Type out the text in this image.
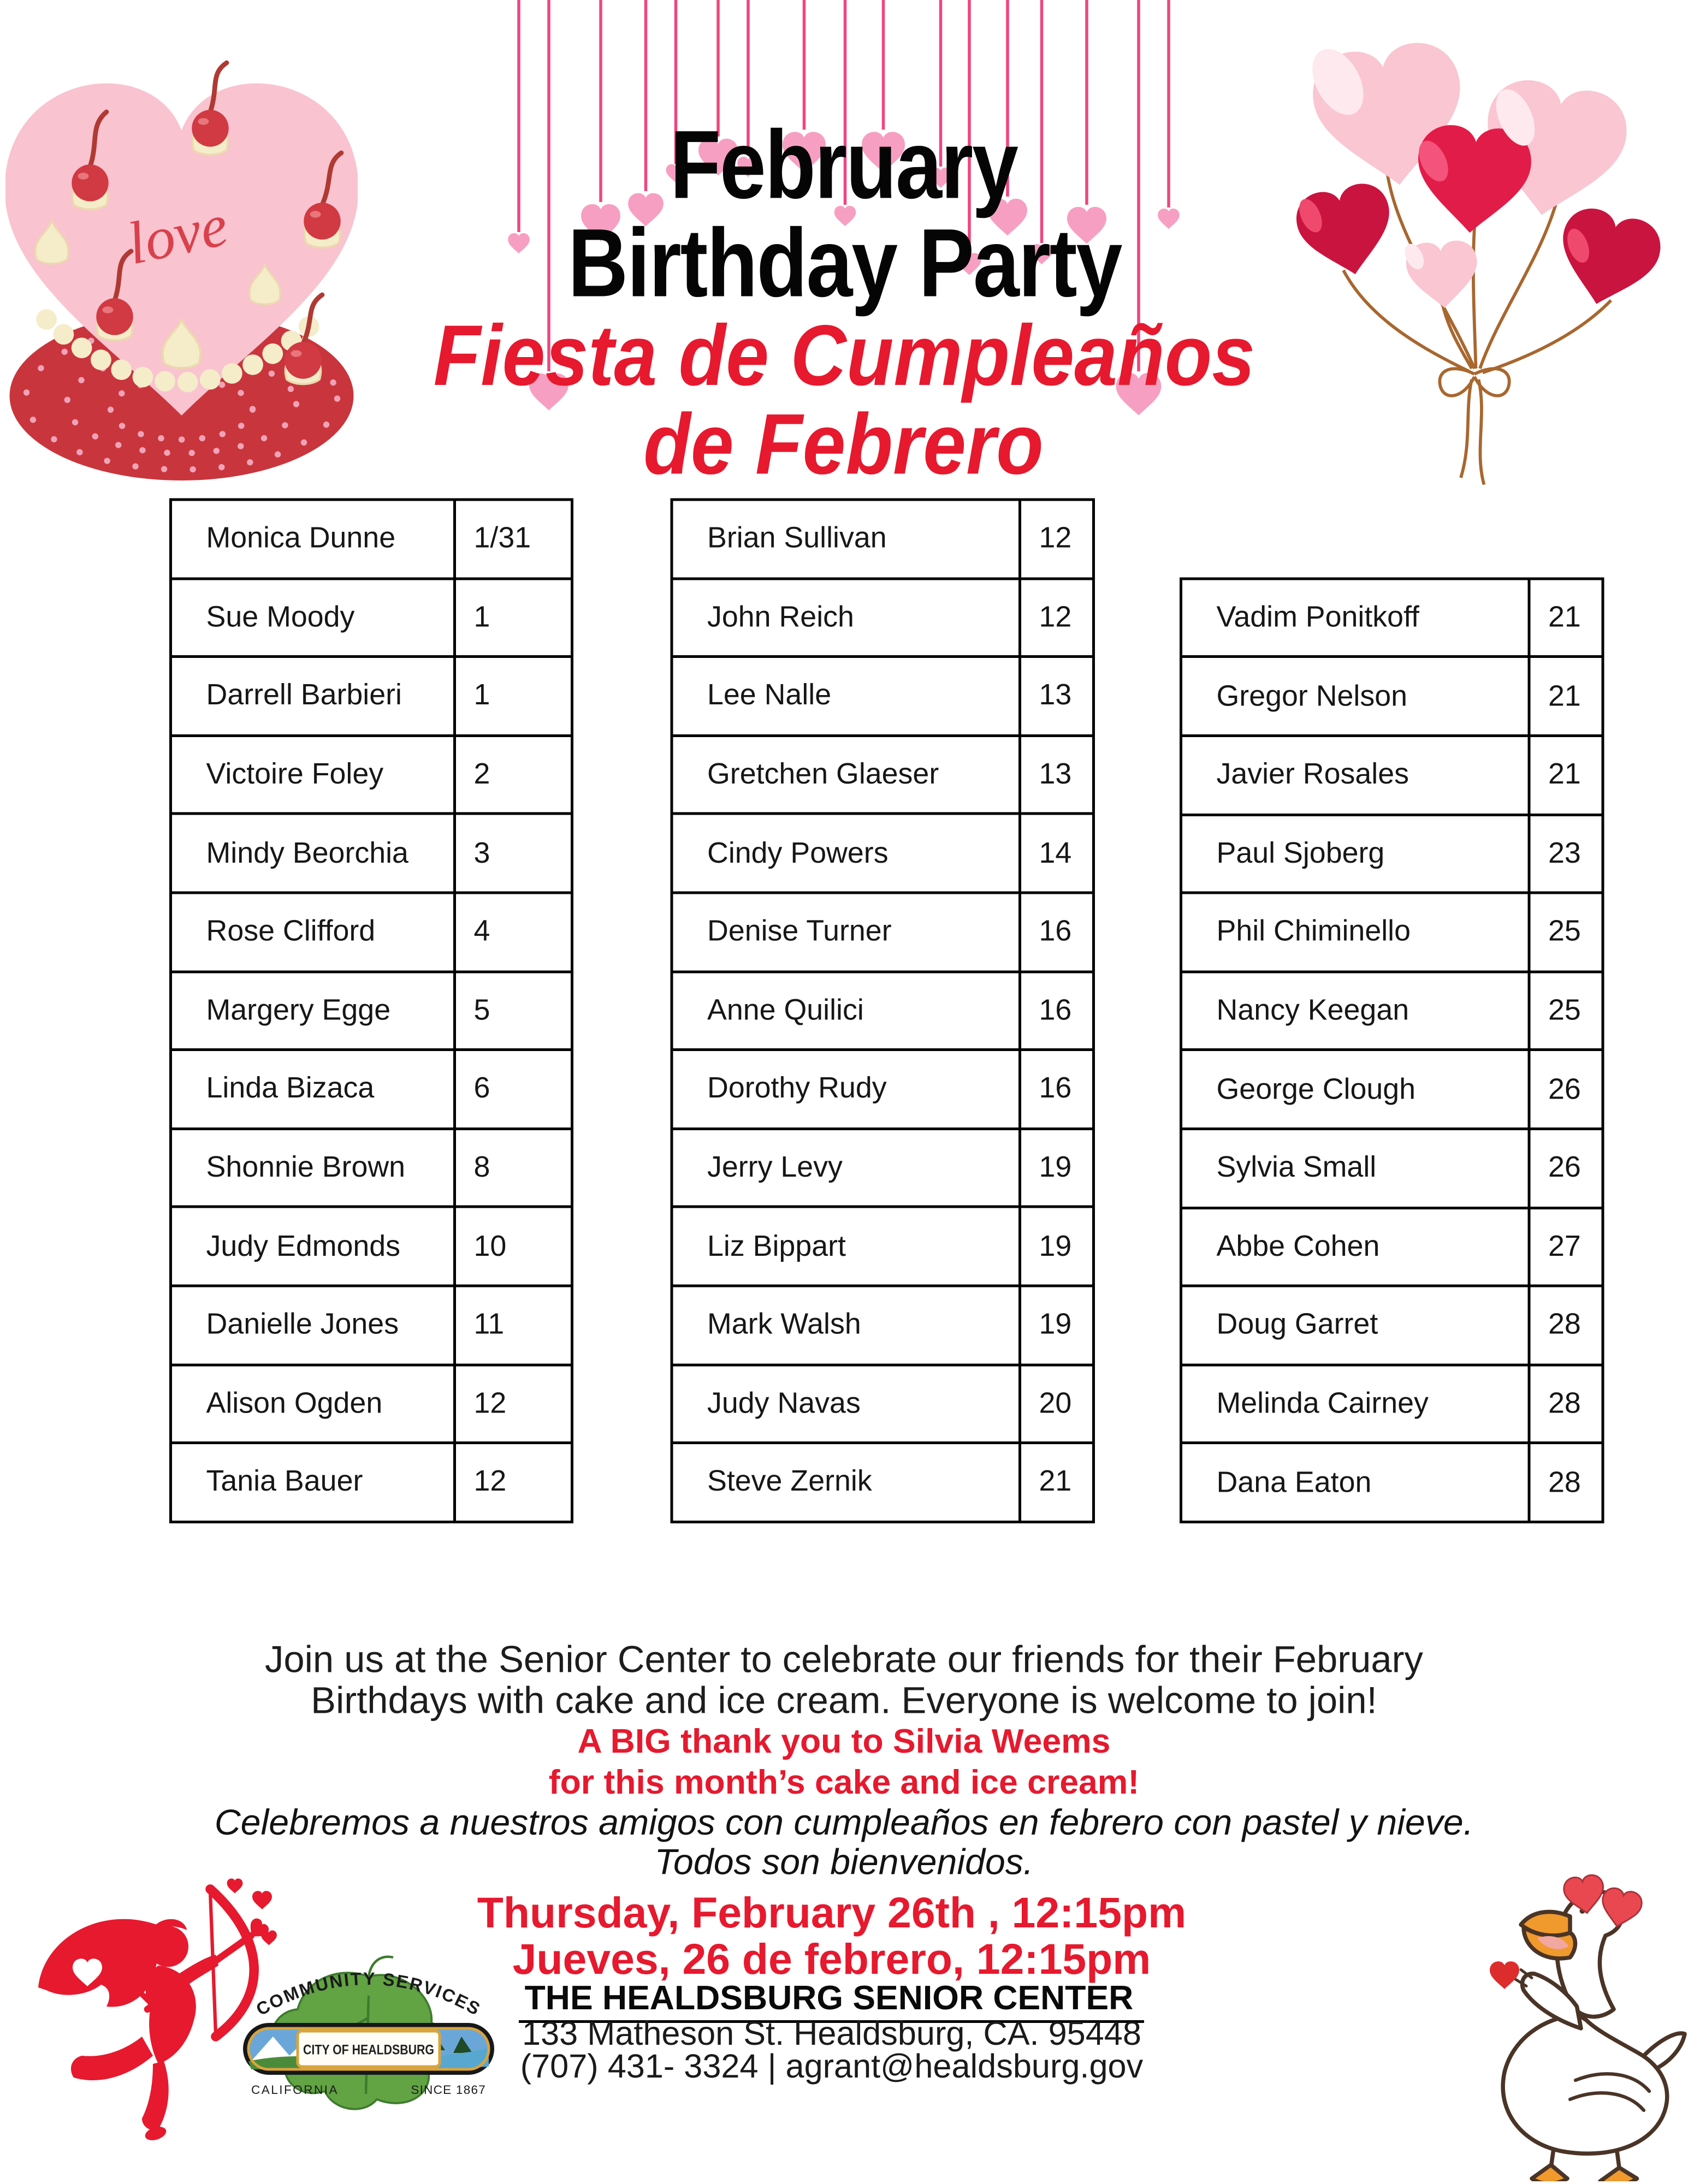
love
February
Birthday Party
Fiesta de Cumpleaños
de Febrero
Monica Dunne	1/31
Sue Moody	1
Darrell Barbieri	1
Victoire Foley	2
Mindy Beorchia	3
Rose Clifford	4
Margery Egge	5
Linda Bizaca	6
Shonnie Brown	8
Judy Edmonds	10
Danielle Jones	11
Alison Ogden	12
Tania Bauer	12
Brian Sullivan	12
John Reich	12
Lee Nalle	13
Gretchen Glaeser	13
Cindy Powers	14
Denise Turner	16
Anne Quilici	16
Dorothy Rudy	16
Jerry Levy	19
Liz Bippart	19
Mark Walsh	19
Judy Navas	20
Steve Zernik	21
Vadim Ponitkoff	21
Gregor Nelson	21
Javier Rosales	21
Paul Sjoberg	23
Phil Chiminello	25
Nancy Keegan	25
George Clough	26
Sylvia Small	26
Abbe Cohen	27
Doug Garret	28
Melinda Cairney	28
Dana Eaton	28
Join us at the Senior Center to celebrate our friends for their February
Birthdays with cake and ice cream. Everyone is welcome to join!
A BIG thank you to Silvia Weems
for this month’s cake and ice cream!
Celebremos a nuestros amigos con cumpleaños en febrero con pastel y nieve.
Todos son bienvenidos.
Thursday, February 26th , 12:15pm
Jueves, 26 de febrero, 12:15pm
THE HEALDSBURG SENIOR CENTER
133 Matheson St. Healdsburg, CA. 95448
(707) 431- 3324 | agrant@healdsburg.gov
CITY OF HEALDSBURG
COMMUNITY SERVICES
CALIFORNIA	SINCE 1867
